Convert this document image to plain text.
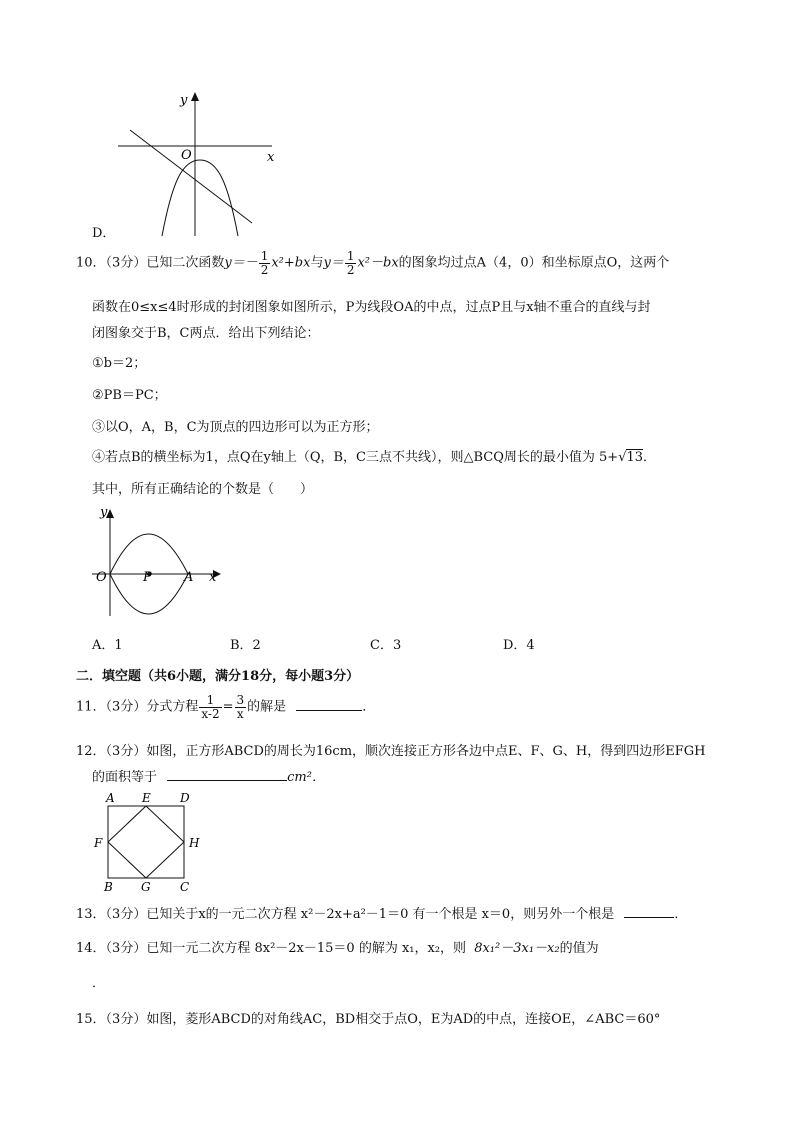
y
x
O
D．
10．（3分）已知二次函数$y=- \frac{1}{2} x^2+bx$与$y= \frac{1}{2} x^2-bx$的图象均过点A（4，0）和坐标原点O，这两个
函数在0≤x≤4时形成的封闭图象如图所示，P为线段OA的中点，过点P且与x轴不重合的直线与封
闭图象交于B，C两点．给出下列结论：
①b＝2；
②PB＝PC；
③以O，A，B，C为顶点的四边形可以为正方形；
④若点B的横坐标为1，点Q在y轴上（Q，B，C三点不共线），则△BCQ周长的最小值为 5+√13．
其中，所有正确结论的个数是（　　）
y
x
O	P A
A．1	B．2	C．3	D．4
二．填空题（共6小题，满分18分，每小题3分）
11．（3分）分式方程 $\frac{1}{x-2} = \frac{3}{x}$ 的解是	．
12．（3分）如图，正方形ABCD的周长为16cm，顺次连接正方形各边中点E、F、G、H，得到四边形EFGH
的面积等于	cm²．
A E D
F	H
B G C
13．（3分）已知关于x的一元二次方程 x²－2x+a²－1＝0 有一个根是 x＝0，则另外一个根是	．
14．（3分）已知一元二次方程 8x²－2x－15＝0 的解为 x₁，x₂，则 8x₁²－3x₁－x₂的值为
．
15．（3分）如图，菱形ABCD的对角线AC，BD相交于点O，E为AD的中点，连接OE，∠ABC＝60°
